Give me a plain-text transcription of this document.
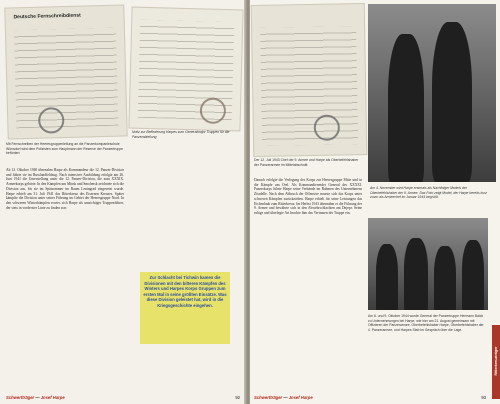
Deutsche Fernschreibdienst
Mit Fernschreiben der Heeresgruppenleitung an die Panzerkompanieschule Wünsdorf wird dem Polizisten zum Hauptmann der Reserve der Panzertruppe befördert
Notiz zur Beförderung Harpes zum Generalmajor Truppen für die Panzerabteilung
Ab 12. Oktober 1940 übernahm Harpe als Kommandeur die 12. Panzer-Division und führte sie im Russlandfeldzug. Nach intensiver Ausbildung erfolgte am 26. Juni 1941 die Unterstellung unter die 12. Panzer-Division, die zum XXXIX. Armeekorps gehörte. In den Kämpfen um Minsk und Smolensk zeichnete sich die Division aus, bis sie im Spätsommer im Raum Leningrad eingesetzt wurde. Harpe erhielt am 31. Juli 1941 das Ritterkreuz des Eisernen Kreuzes. Später kämpfte die Division unter seiner Führung im Gebiet der Heeresgruppe Nord. In den schweren Winterkämpfen erwies sich Harpe als umsichtiger Truppenführer, der stets in vorderster Linie zu finden war.
Zur Schlacht bei Tichwin kamen die Divisionen mit den bitteren Kämpfen des Winters und Harpes Korps Gruppen zum ersten Mal in seine größten Einsätze. Was diese Division geleistet hat, wird in die Kriegsgeschichte eingehen.
Schwertträger — Josef Harpe	92
Am 4. November wird Harpe erstmals als Nachfolger Models der Oberbefehlshaber der 9. Armee. Das Foto zeigt Model, der Harpe bereits kurz zuvor als Armeechef im Januar 1944 begrüßt.
Der 12. Juli 1943 Chef der 9. Armee und Harpe als Oberbefehlshaber der Panzerarmee im Mittelabschnitt.
Danach erfolgte die Verlegung des Korps zur Heeresgruppe Mitte und in die Kämpfe um Orel. Als Kommandierender General des XXXXI. Panzerkorps führte Harpe seine Verbände im Rahmen des Unternehmens Zitadelle. Nach dem Abbruch der Offensive musste sich das Korps unter schweren Kämpfen zurückziehen. Harpe erhielt für seine Leistungen das Eichenlaub zum Ritterkreuz. Im Herbst 1943 übernahm er die Führung der 9. Armee und bewährte sich in den Abwehrschlachten am Dnjepr. Seine ruhige und überlegte Art brachte ihm das Vertrauen der Truppe ein.
Am 6. und 9. Oktober 1944 wurde General der Panzertruppe Hermann Balck zu Unternehmungen bei Harpe, wie hier am 21. August gemeinsam mit Offizieren der Panzerarmee. Oberbefehlshaber Harpe, Oberbefehlshaber der 4. Panzerarmee, und Harpes Stab im Gespräch über die Lage.
Schwertträger — Josef Harpe	93
Ritterkreuzträger
